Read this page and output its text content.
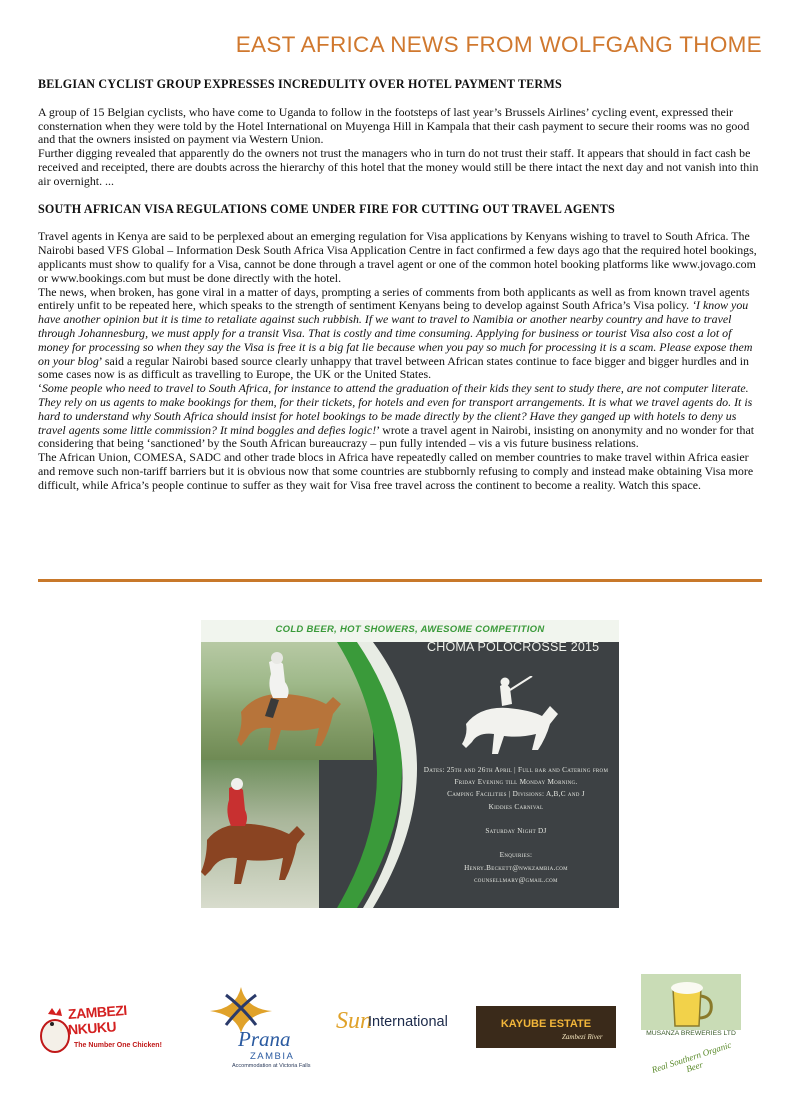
EAST AFRICA NEWS FROM WOLFGANG THOME
BELGIAN CYCLIST GROUP EXPRESSES INCREDULITY OVER HOTEL PAYMENT TERMS

A group of 15 Belgian cyclists, who have come to Uganda to follow in the footsteps of last year’s Brussels Airlines’ cycling event, expressed their consternation when they were told by the Hotel International on Muyenga Hill in Kampala that their cash payment to secure their rooms was no good and that the owners insisted on payment via Western Union.

Further digging revealed that apparently do the owners not trust the managers who in turn do not trust their staff. It appears that should in fact cash be received and receipted, there are doubts across the hierarchy of this hotel that the money would still be there intact the next day and not vanish into thin air overnight. ...

SOUTH AFRICAN VISA REGULATIONS COME UNDER FIRE FOR CUTTING OUT TRAVEL AGENTS

Travel agents in Kenya are said to be perplexed about an emerging regulation for Visa applications by Kenyans wishing to travel to South Africa. The Nairobi based VFS Global – Information Desk South Africa Visa Application Centre in fact confirmed a few days ago that the required hotel bookings, applicants must show to qualify for a Visa, cannot be done through a travel agent or one of the common hotel booking platforms like www.jovago.com or www.bookings.com but must be done directly with the hotel.

The news, when broken, has gone viral in a matter of days, prompting a series of comments from both applicants as well as from known travel agents entirely unfit to be repeated here, which speaks to the strength of sentiment Kenyans being to develop against South Africa’s Visa policy. ‘I know you have another opinion but it is time to retaliate against such rubbish. If we want to travel to Namibia or another nearby country and have to travel through Johannesburg, we must apply for a transit Visa. That is costly and time consuming. Applying for business or tourist Visa also cost a lot of money for processing so when they say the Visa is free it is a big fat lie because when you pay so much for processing it is a scam. Please expose them on your blog’ said a regular Nairobi based source clearly unhappy that travel between African states continue to face bigger and bigger hurdles and in some cases now is as difficult as travelling to Europe, the UK or the United States.

‘Some people who need to travel to South Africa, for instance to attend the graduation of their kids they sent to study there, are not computer literate. They rely on us agents to make bookings for them, for their tickets, for hotels and even for transport arrangements. It is what we travel agents do. It is hard to understand why South Africa should insist for hotel bookings to be made directly by the client? Have they ganged up with hotels to deny us travel agents some little commission? It mind boggles and defies logic!’ wrote a travel agent in Nairobi, insisting on anonymity and no wonder for that considering that being ‘sanctioned’ by the South African bureaucrazy – pun fully intended – vis a vis future business relations.

The African Union, COMESA, SADC and other trade blocs in Africa have repeatedly called on member countries to make travel within Africa easier and remove such non-tariff barriers but it is obvious now that some countries are stubbornly refusing to comply and instead make obtaining Visa more difficult, while Africa’s people continue to suffer as they wait for Visa free travel across the continent to become a reality. Watch this space.

COLD BEER, HOT SHOWERS, AWESOME COMPETITION
CHOMA POLOCROSSE 2015
Dates: 25th and 26th April | Full bar and Catering from
Friday Evening till Monday Morning.
Camping Facilities | Divisions: A,B,C and J
Kiddies Carnival

Saturday Night DJ

Enquiries:
Henry.Beckett@nwkzambia.com
counsellmary@gmail.com
ZAMBEZI
NKUKU
The Number One Chicken!	Prana
ZAMBIA
Accommodation at Victoria Falls
Sun
International	KAYUBE ESTATE
Zambezi River	MUSANZA BREWERIES LTD
Real Southern Organic Beer
